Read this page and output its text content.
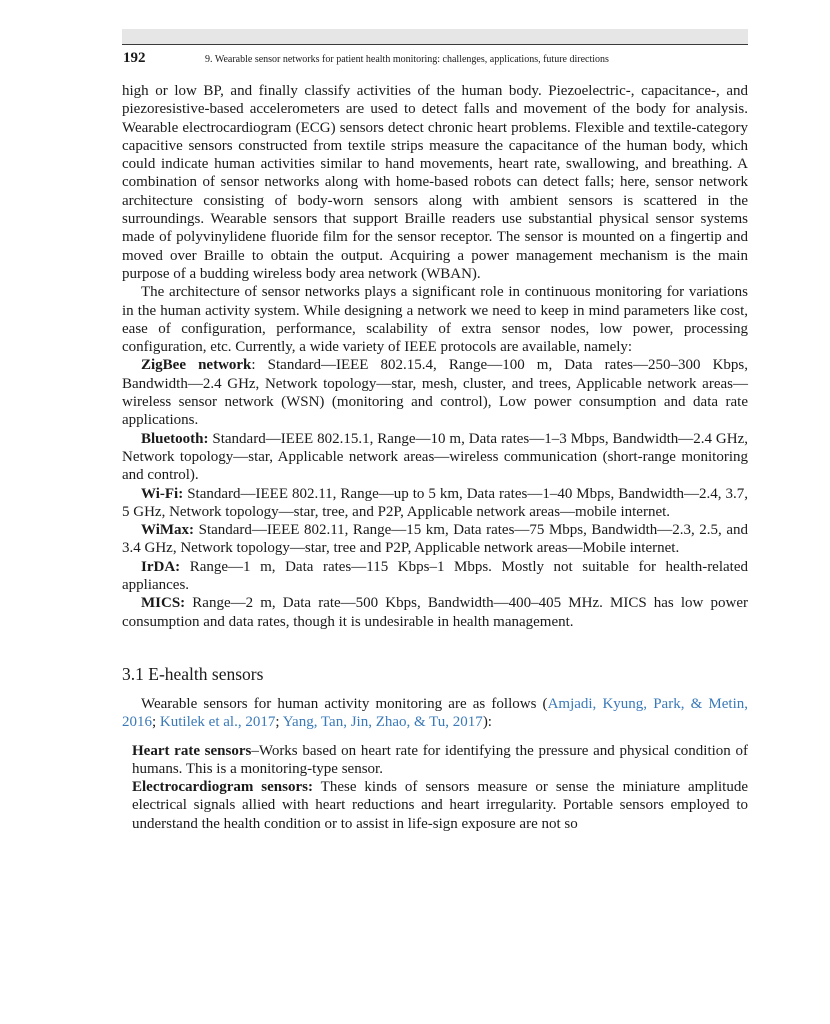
192	9. Wearable sensor networks for patient health monitoring: challenges, applications, future directions

high or low BP, and finally classify activities of the human body. Piezoelectric-, capacitance-, and piezoresistive-based accelerometers are used to detect falls and movement of the body for analysis. Wearable electrocardiogram (ECG) sensors detect chronic heart problems. Flexible and textile-category capacitive sensors constructed from textile strips measure the capacitance of the human body, which could indicate human activities similar to hand movements, heart rate, swallowing, and breathing. A combination of sensor networks along with home-based robots can detect falls; here, sensor network architecture consisting of body-worn sensors along with ambient sensors is scattered in the surroundings. Wearable sensors that support Braille readers use substantial physical sensor systems made of polyvinylidene fluoride film for the sensor receptor. The sensor is mounted on a fingertip and moved over Braille to obtain the output. Acquiring a power management mechanism is the main purpose of a budding wireless body area network (WBAN).

The architecture of sensor networks plays a significant role in continuous monitoring for variations in the human activity system. While designing a network we need to keep in mind parameters like cost, ease of configuration, performance, scalability of extra sensor nodes, low power, processing configuration, etc. Currently, a wide variety of IEEE protocols are available, namely:

ZigBee network: Standard—IEEE 802.15.4, Range—100 m, Data rates—250–300 Kbps, Bandwidth—2.4 GHz, Network topology—star, mesh, cluster, and trees, Applicable network areas—wireless sensor network (WSN) (monitoring and control), Low power consumption and data rate applications.

Bluetooth: Standard—IEEE 802.15.1, Range—10 m, Data rates—1–3 Mbps, Bandwidth—2.4 GHz, Network topology—star, Applicable network areas—wireless communication (short-range monitoring and control).

Wi-Fi: Standard—IEEE 802.11, Range—up to 5 km, Data rates—1–40 Mbps, Bandwidth—2.4, 3.7, 5 GHz, Network topology—star, tree, and P2P, Applicable network areas—mobile internet.

WiMax: Standard—IEEE 802.11, Range—15 km, Data rates—75 Mbps, Bandwidth—2.3, 2.5, and 3.4 GHz, Network topology—star, tree and P2P, Applicable network areas—Mobile internet.

IrDA: Range—1 m, Data rates—115 Kbps–1 Mbps. Mostly not suitable for health-related appliances.

MICS: Range—2 m, Data rate—500 Kbps, Bandwidth—400–405 MHz. MICS has low power consumption and data rates, though it is undesirable in health management.

3.1 E-health sensors

Wearable sensors for human activity monitoring are as follows (Amjadi, Kyung, Park, & Metin, 2016; Kutilek et al., 2017; Yang, Tan, Jin, Zhao, & Tu, 2017):

Heart rate sensors–Works based on heart rate for identifying the pressure and physical condition of humans. This is a monitoring-type sensor.

Electrocardiogram sensors: These kinds of sensors measure or sense the miniature amplitude electrical signals allied with heart reductions and heart irregularity. Portable sensors employed to understand the health condition or to assist in life-sign exposure are not so
